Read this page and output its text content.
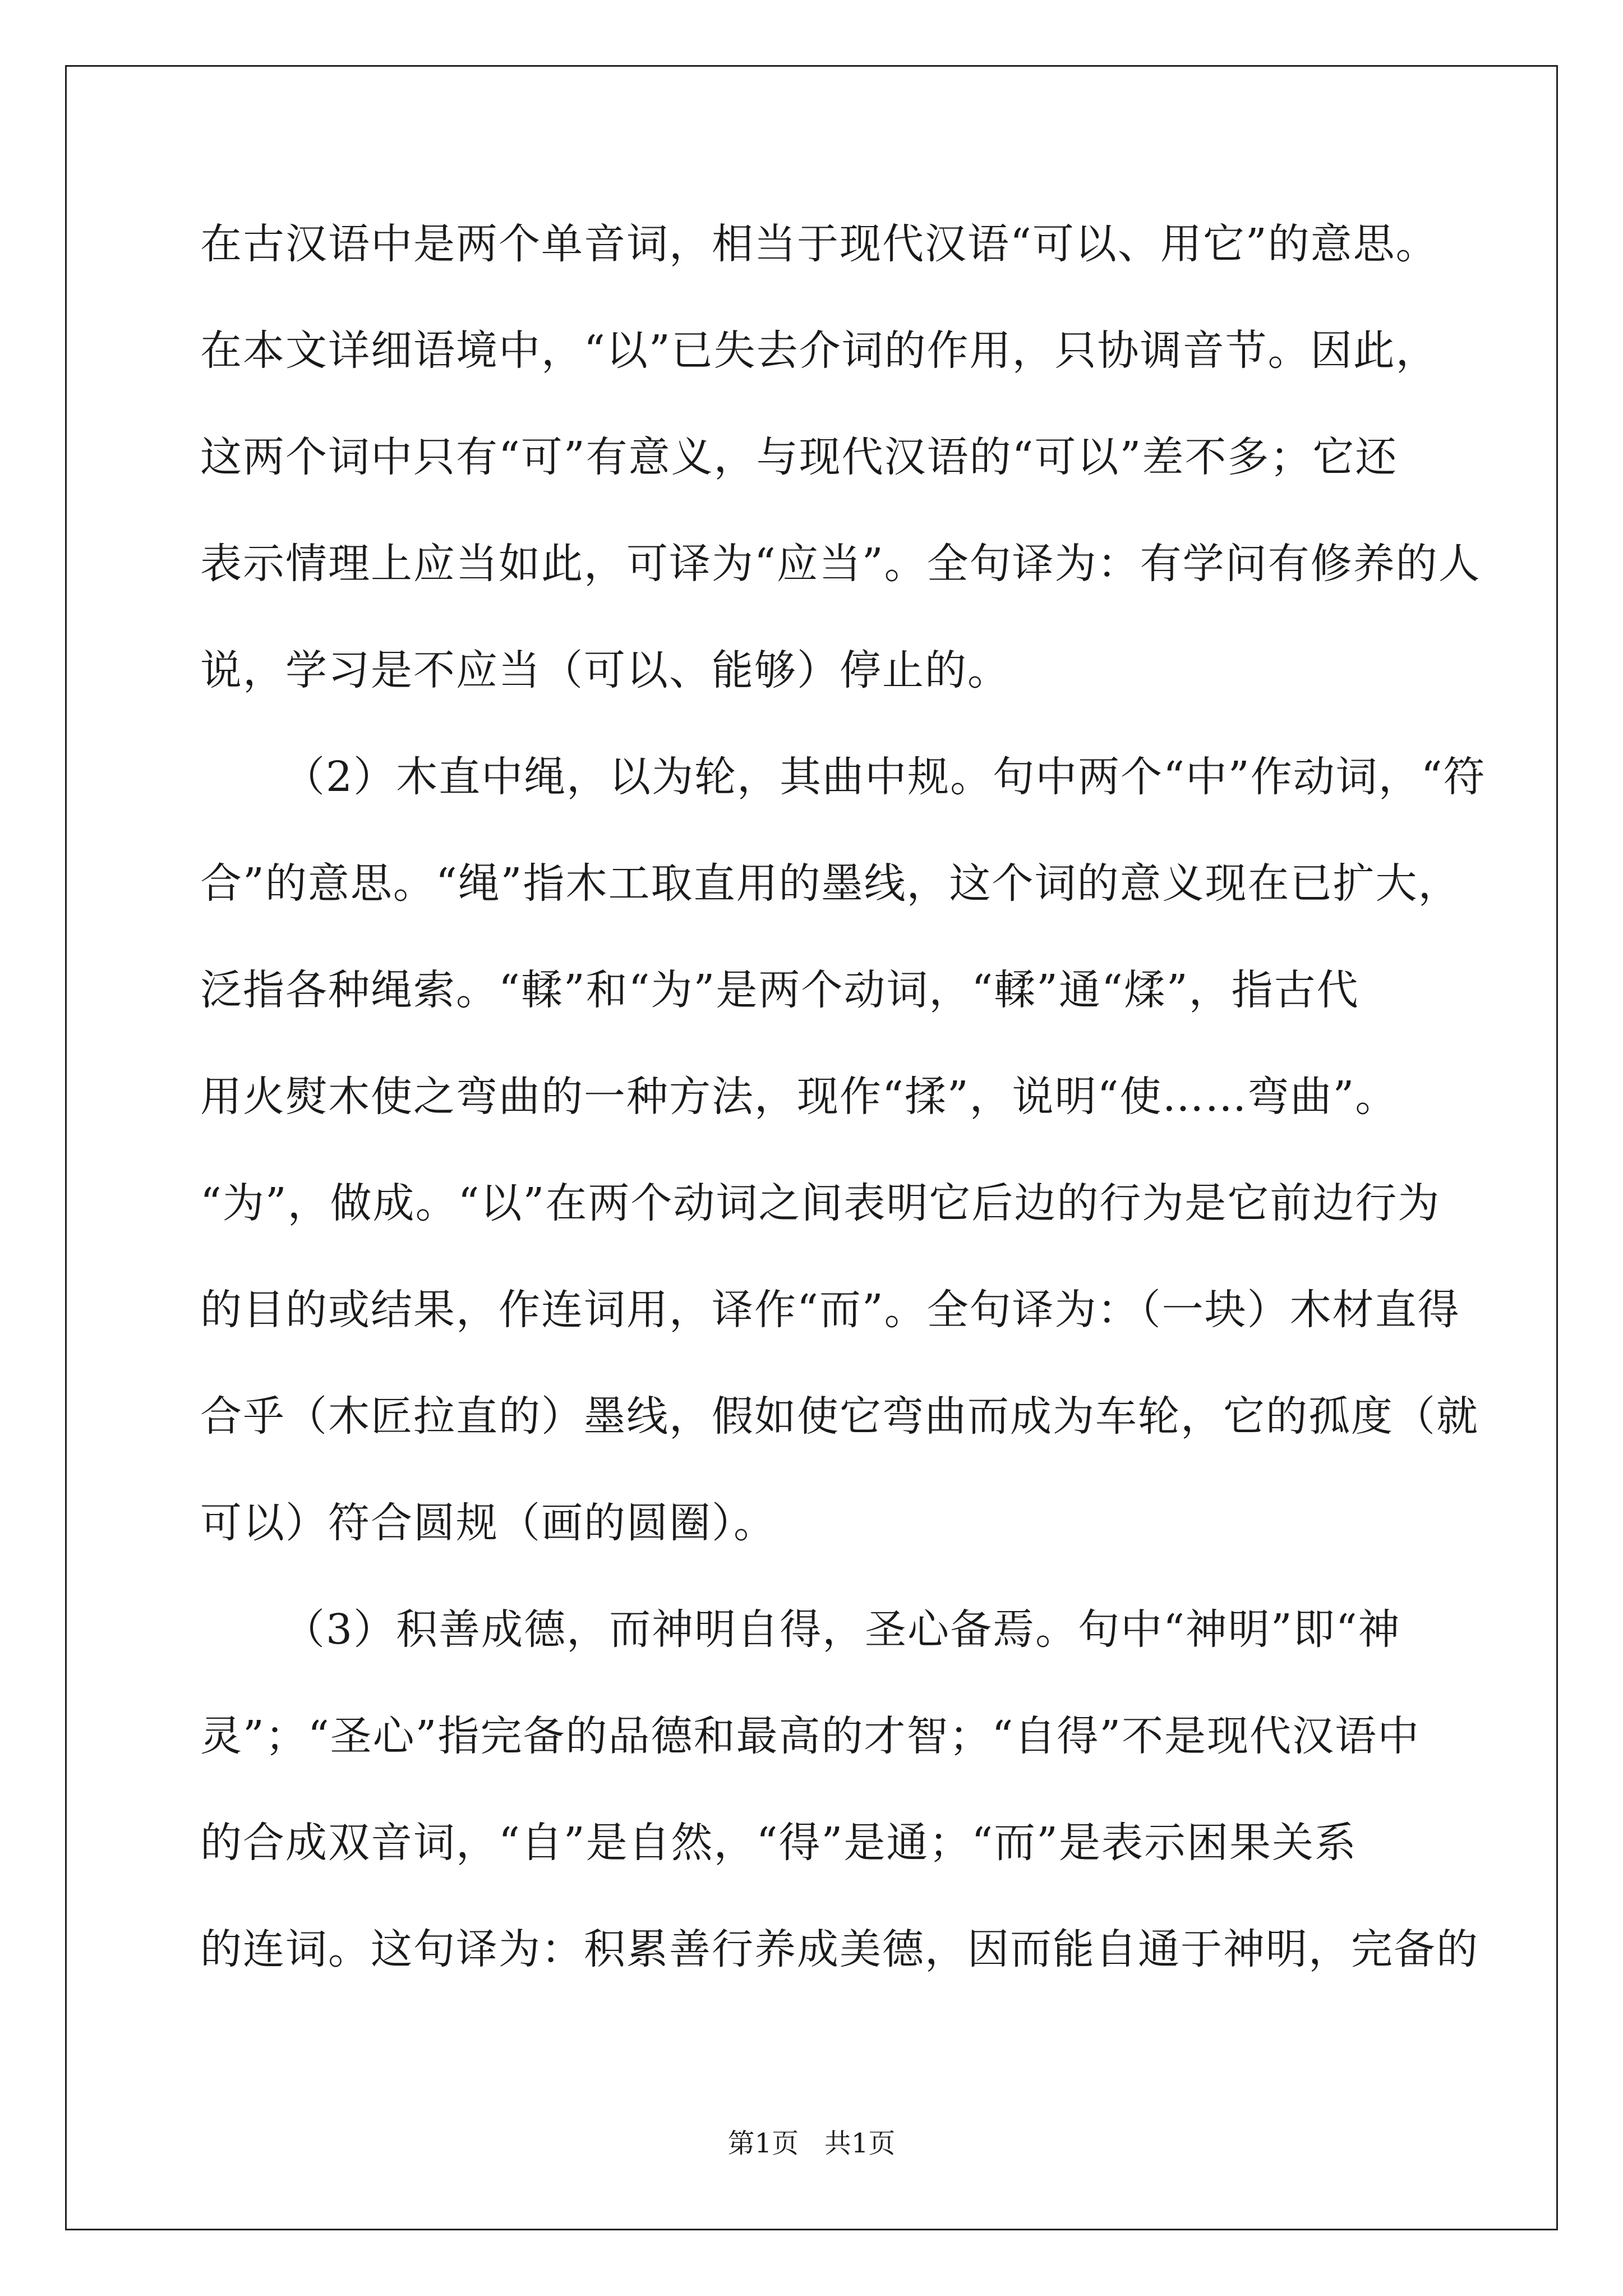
在古汉语中是两个单音词，相当于现代汉语“可以、用它”的意思。
在本文详细语境中，“以”已失去介词的作用，只协调音节。因此，
这两个词中只有“可”有意义，与现代汉语的“可以”差不多；它还
表示情理上应当如此，可译为“应当”。全句译为：有学问有修养的人
说，学习是不应当（可以、能够）停止的。
（2）木直中绳，以为轮，其曲中规。句中两个“中”作动词，“符
合”的意思。“绳”指木工取直用的墨线，这个词的意义现在已扩大，
泛指各种绳索。“輮”和“为”是两个动词，“輮”通“煣”，指古代
用火熨木使之弯曲的一种方法，现作“揉”，说明“使……弯曲”。
“为”，做成。“以”在两个动词之间表明它后边的行为是它前边行为
的目的或结果，作连词用，译作“而”。全句译为：（一块）木材直得
合乎（木匠拉直的）墨线，假如使它弯曲而成为车轮，它的孤度（就
可以）符合圆规（画的圆圈）。
（3）积善成德，而神明自得，圣心备焉。句中“神明”即“神
灵”；“圣心”指完备的品德和最高的才智；“自得”不是现代汉语中
的合成双音词，“自”是自然，“得”是通；“而”是表示困果关系
的连词。这句译为：积累善行养成美德，因而能自通于神明，完备的
第1页   共1页
